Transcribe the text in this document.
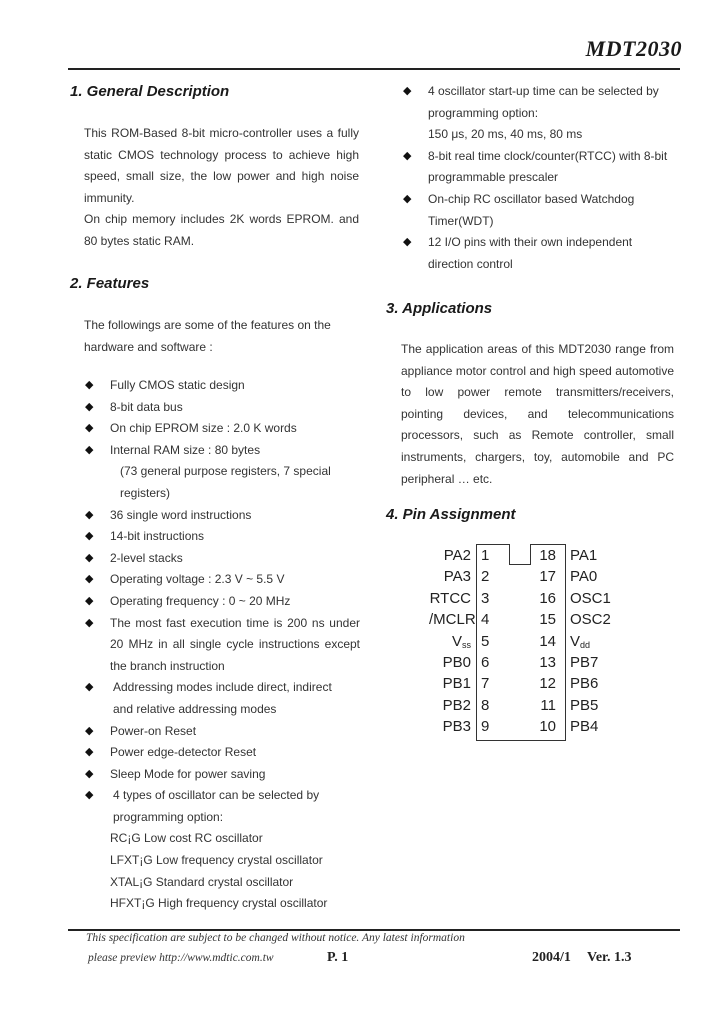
MDT2030
1. General Description
This ROM-Based 8-bit micro-controller uses a fully static CMOS technology process to achieve high speed, small size, the low power and high noise immunity.
On chip memory includes 2K words EPROM. and 80 bytes static RAM.
2. Features
The followings are some of the features on the hardware and software :
◆ Fully CMOS static design
◆ 8-bit data bus
◆ On chip EPROM size : 2.0 K words
◆ Internal RAM size : 80 bytes
(73 general purpose registers, 7 special registers)
◆ 36 single word instructions
◆ 14-bit instructions
◆ 2-level stacks
◆ Operating voltage : 2.3 V ~ 5.5 V
◆ Operating frequency : 0 ~ 20 MHz
◆ The most fast execution time is 200 ns under 20 MHz in all single cycle instructions except the branch instruction
◆ Addressing modes include direct, indirect and relative addressing modes
◆ Power-on Reset
◆ Power edge-detector Reset
◆ Sleep Mode for power saving
◆ 4 types of oscillator can be selected by programming option:
RC¡G Low cost RC oscillator
LFXT¡G Low frequency crystal oscillator
XTAL¡G Standard crystal oscillator
HFXT¡G High frequency crystal oscillator
◆ 4 oscillator start-up time can be selected by programming option:
150 μs, 20 ms, 40 ms, 80 ms
◆ 8-bit real time clock/counter(RTCC) with 8-bit programmable prescaler
◆ On-chip RC oscillator based Watchdog Timer(WDT)
◆ 12 I/O pins with their own independent direction control
3. Applications
The application areas of this MDT2030 range from appliance motor control and high speed automotive to low power remote transmitters/receivers, pointing devices, and telecommunications processors, such as Remote controller, small instruments, chargers, toy, automobile and PC peripheral … etc.
4. Pin Assignment
PA2 1	18 PA1
PA3 2	17 PA0
RTCC 3	16 OSC1
/MCLR 4	15 OSC2
$V_{ss}$ 5	14 $V_{dd}$
PB0 6	13 PB7
PB1 7	12 PB6
PB2 8	11 PB5
PB3 9	10 PB4
This specification are subject to be changed without notice. Any latest information
please preview http://www.mdtic.com.tw	P. 1	2004/1 Ver. 1.3
